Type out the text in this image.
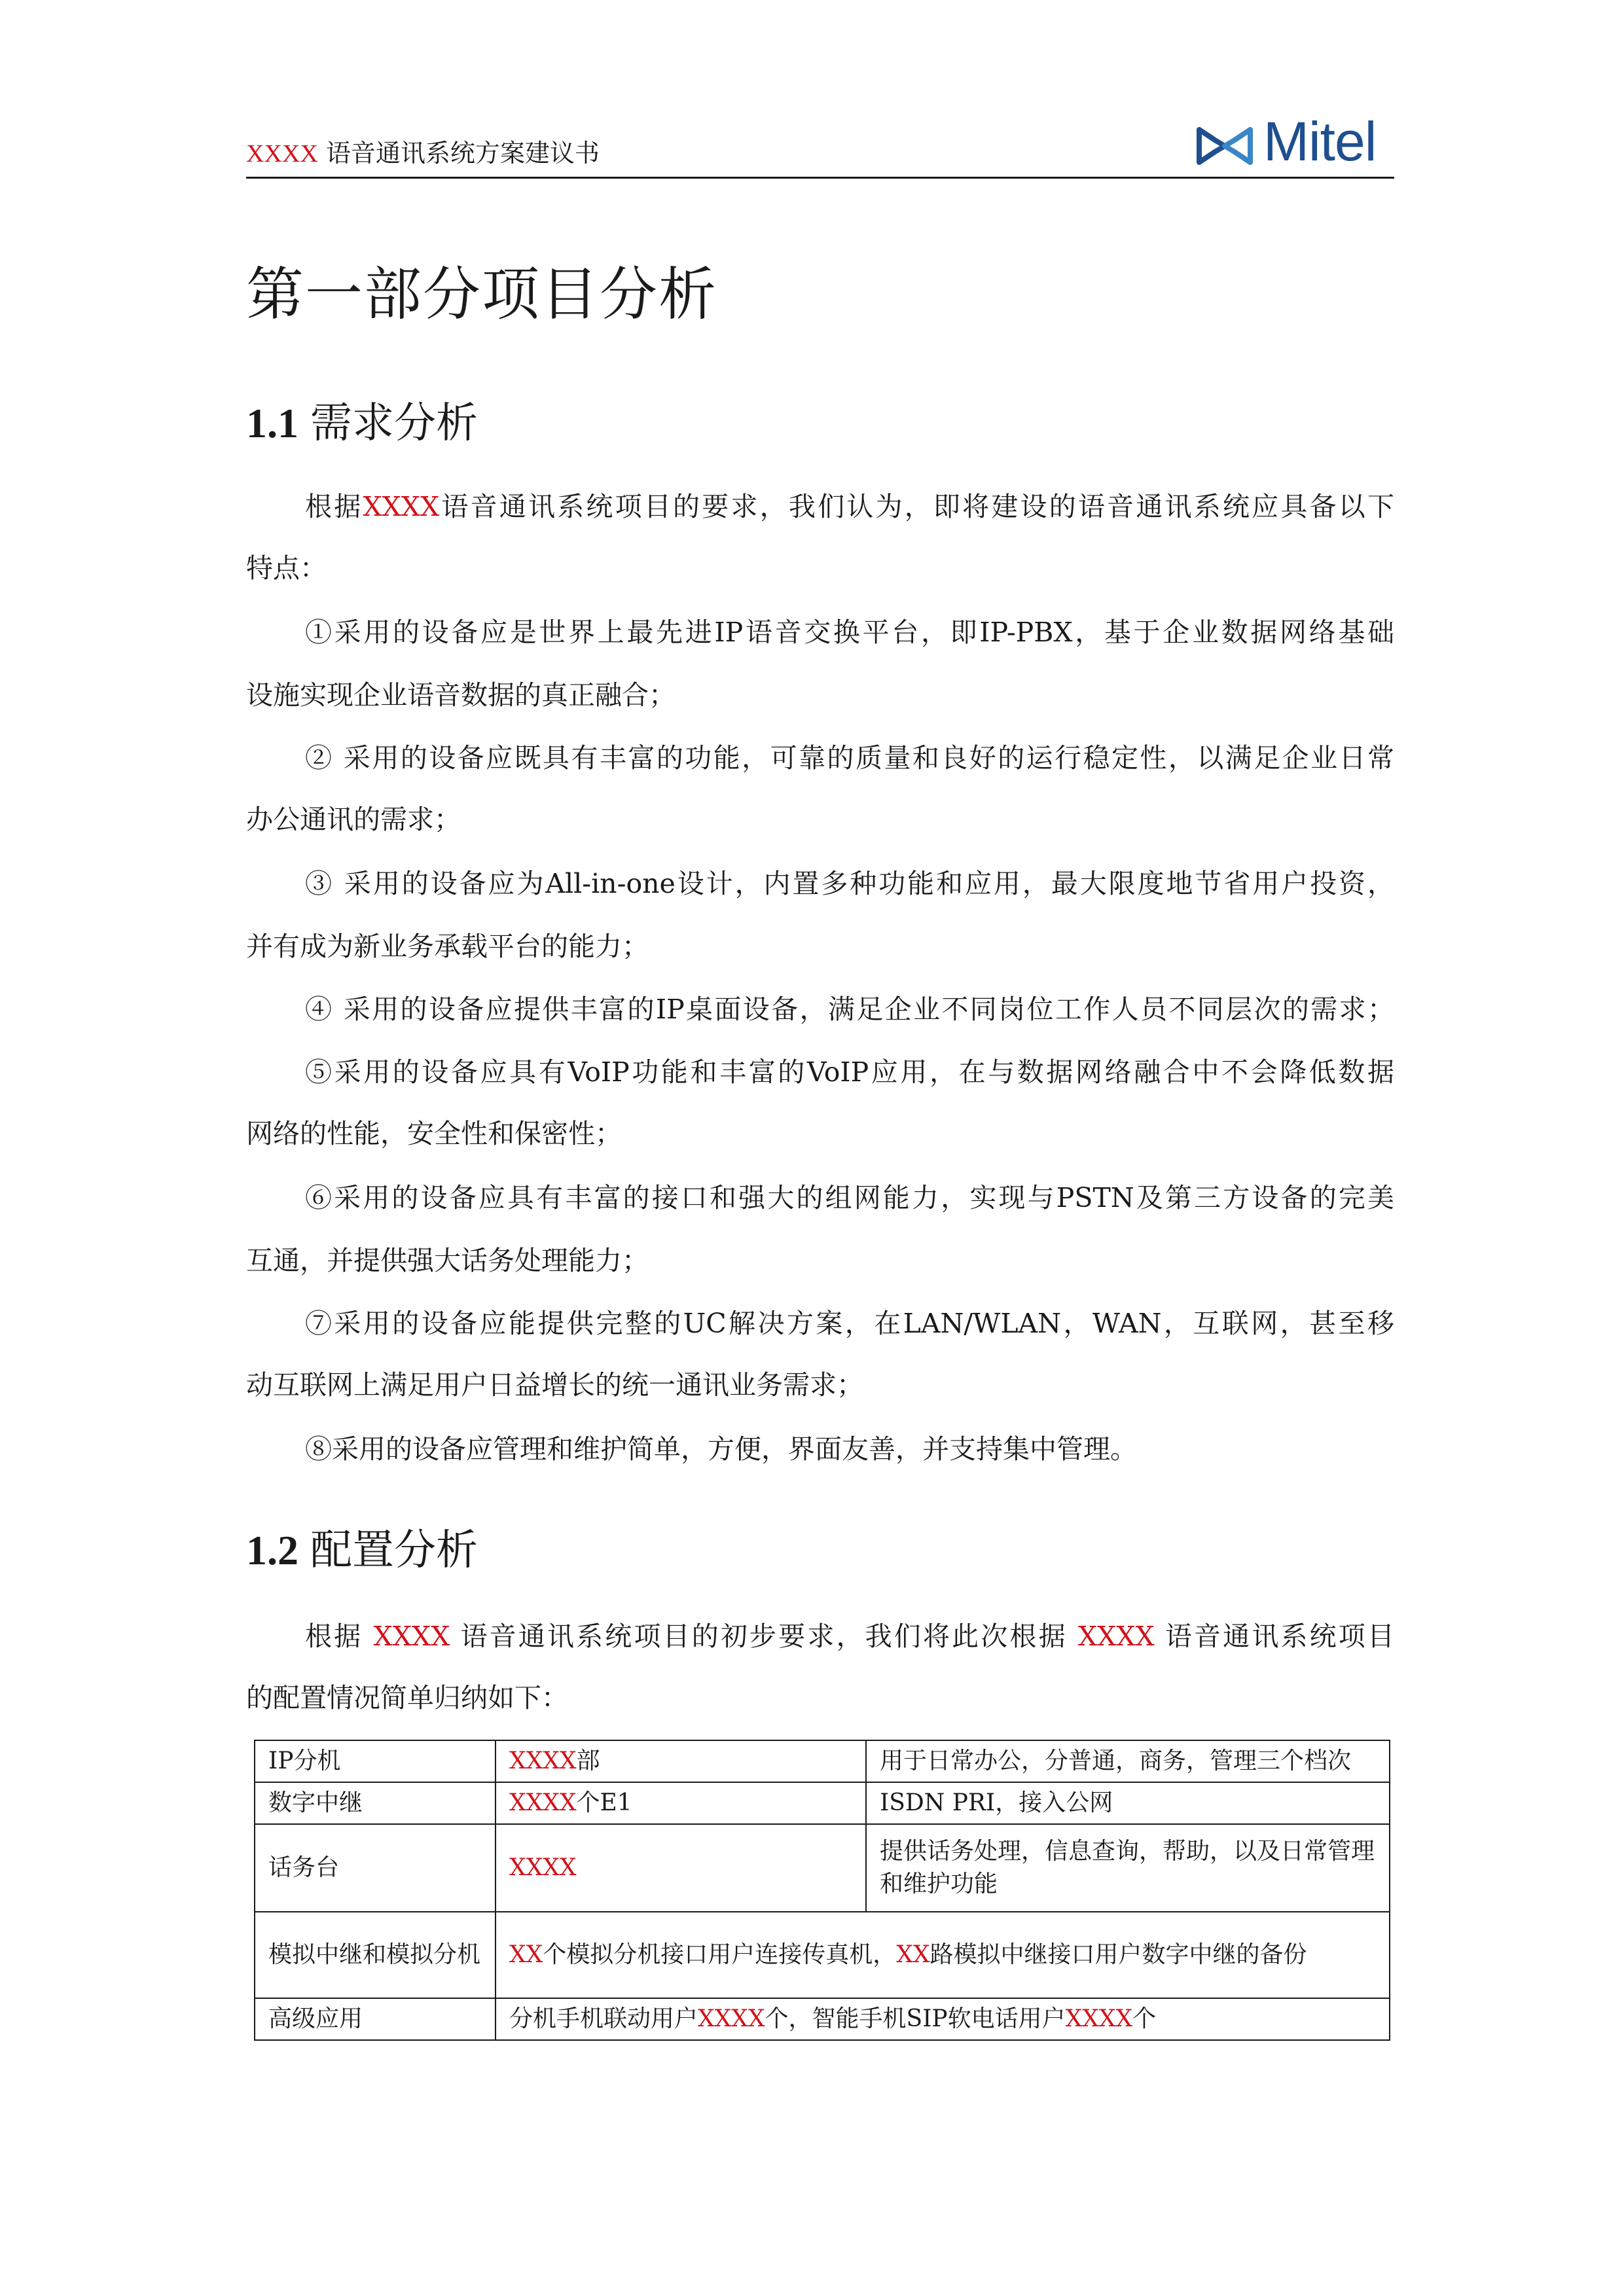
XXXX 语音通讯系统方案建议书	Mitel
第一部分项目分析
1.1 需求分析
根据XXXX语音通讯系统项目的要求，我们认为，即将建设的语音通讯系统应具备以下
特点：
①采用的设备应是世界上最先进IP语音交换平台，即IP-PBX，基于企业数据网络基础
设施实现企业语音数据的真正融合；
② 采用的设备应既具有丰富的功能，可靠的质量和良好的运行稳定性，以满足企业日常
办公通讯的需求；
③ 采用的设备应为All-in-one设计，内置多种功能和应用，最大限度地节省用户投资，
并有成为新业务承载平台的能力；
④ 采用的设备应提供丰富的IP桌面设备，满足企业不同岗位工作人员不同层次的需求；
⑤采用的设备应具有VoIP功能和丰富的VoIP应用，在与数据网络融合中不会降低数据
网络的性能，安全性和保密性；
⑥采用的设备应具有丰富的接口和强大的组网能力，实现与PSTN及第三方设备的完美
互通，并提供强大话务处理能力；
⑦采用的设备应能提供完整的UC解决方案，在LAN/WLAN，WAN，互联网，甚至移
动互联网上满足用户日益增长的统一通讯业务需求；
⑧采用的设备应管理和维护简单，方便，界面友善，并支持集中管理。
1.2 配置分析
根据 XXXX 语音通讯系统项目的初步要求，我们将此次根据 XXXX 语音通讯系统项目
的配置情况简单归纳如下：
IP分机	XXXX部	用于日常办公，分普通，商务，管理三个档次
数字中继	XXXX个E1	ISDN PRI，接入公网
话务台	XXXX	提供话务处理，信息查询，帮助，以及日常管理和维护功能
模拟中继和模拟分机	XX个模拟分机接口用户连接传真机，XX路模拟中继接口用户数字中继的备份	
高级应用	分机手机联动用户XXXX个，智能手机SIP软电话用户XXXX个	
